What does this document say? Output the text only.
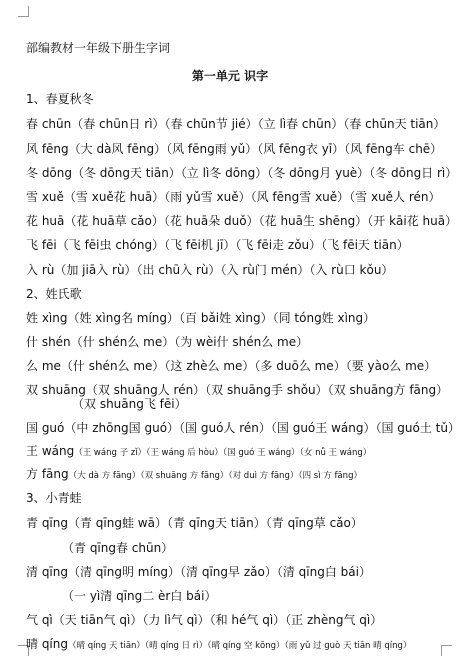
部编教材一年级下册生字词
第一单元 识字
1、春夏秋冬
春 chūn（春 chūn日 rì）（春 chūn节 jié）（立 lì春 chūn）（春 chūn天 tiān）
风 fēng（大 dà风 fēng）（风 fēng雨 yǔ）（风 fēng衣 yī）（风 fēng车 chē）
冬 dōng（冬 dōng天 tiān）（立 lì冬 dōng）（冬 dōng月 yuè）（冬 dōng日 rì）
雪 xuě（雪 xuě花 huā）（雨 yǔ雪 xuě）（风 fēng雪 xuě）（雪 xuě人 rén）
花 huā（花 huā草 cǎo）（花 huā朵 duǒ）（花 huā生 shēng）（开 kāi花 huā）
飞 fēi（飞 fēi虫 chóng）（飞 fēi机 jī）（飞 fēi走 zǒu）（飞 fēi天 tiān）
入 rù（加 jiā入 rù）（出 chū入 rù）（入 rù门 mén）（入 rù口 kǒu）
2、姓氏歌
姓 xìng（姓 xìng名 míng）（百 bǎi姓 xìng）（同 tóng姓 xìng）
什 shén（什 shén么 me）（为 wèi什 shén么 me）
么 me（什 shén么 me）（这 zhè么 me）（多 duō么 me）（要 yào么 me）
双 shuāng（双 shuāng人 rén）（双 shuāng手 shǒu）（双 shuāng方 fāng）
（双 shuāng飞 fēi）
国 guó（中 zhōng国 guó）（国 guó人 rén）（国 guó王 wáng）（国 guó土 tǔ）
王 wáng（王 wáng 子 zǐ）（王 wáng 后 hòu）（国 guó 王 wáng）（女 nǚ 王 wáng）
方 fāng（大 dà 方 fāng）（双 shuāng 方 fāng）（对 duì 方 fāng）（四 sì 方 fāng）
3、小青蛙
青 qīng（青 qīng蛙 wā）（青 qīng天 tiān）（青 qīng草 cǎo）
（青 qīng春 chūn）
清 qīng（清 qīng明 míng）（清 qīng早 zǎo）（清 qīng白 bái）
（一 yì清 qīng二 èr白 bái）
气 qì（天 tiān气 qì）（力 lì气 qì）（和 hé气 qì）（正 zhèng气 qì）
晴 qíng（晴 qíng 天 tiān）（晴 qíng 日 rì）（晴 qíng 空 kōng）（雨 yǔ 过 guò 天 tiān 晴 qíng）
